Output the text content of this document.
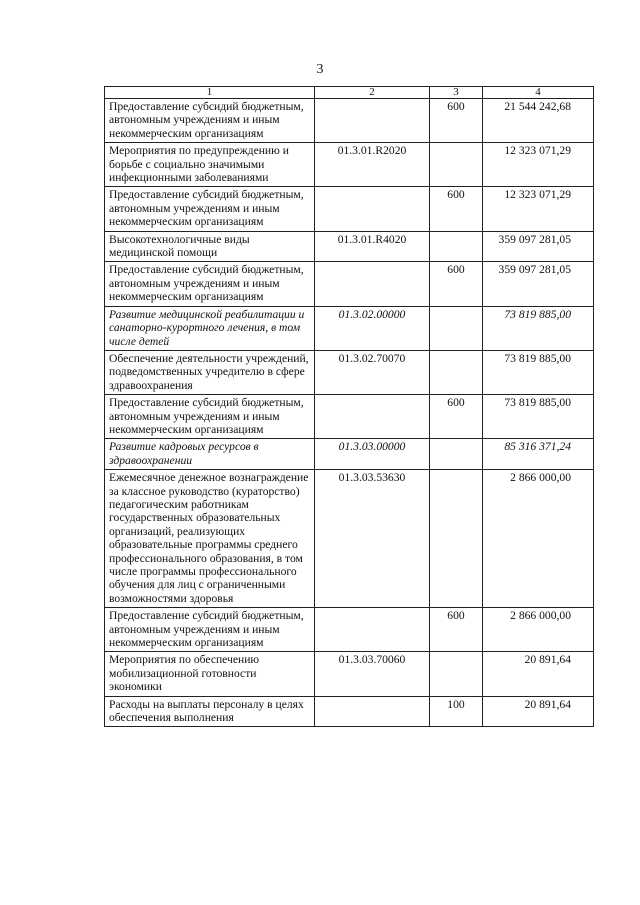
3
1	2	3	4
Предоставление субсидий бюджетным, автономным учреждениям и иным некоммерческим организациям		600	21 544 242,68
Мероприятия по предупреждению и борьбе с социально значимыми инфекционными заболеваниями	01.3.01.R2020		12 323 071,29
Предоставление субсидий бюджетным, автономным учреждениям и иным некоммерческим организациям		600	12 323 071,29
Высокотехнологичные виды медицинской помощи	01.3.01.R4020		359 097 281,05
Предоставление субсидий бюджетным, автономным учреждениям и иным некоммерческим организациям		600	359 097 281,05
Развитие медицинской реабилитации и санаторно-курортного лечения, в том числе детей	01.3.02.00000		73 819 885,00
Обеспечение деятельности учреждений, подведомственных учредителю в сфере здравоохранения	01.3.02.70070		73 819 885,00
Предоставление субсидий бюджетным, автономным учреждениям и иным некоммерческим организациям		600	73 819 885,00
Развитие кадровых ресурсов в здравоохранении	01.3.03.00000		85 316 371,24
Ежемесячное денежное вознаграждение за классное руководство (кураторство) педагогическим работникам государственных образовательных организаций, реализующих образовательные программы среднего профессионального образования, в том числе программы профессионального обучения для лиц с ограниченными возможностями здоровья	01.3.03.53630		2 866 000,00
Предоставление субсидий бюджетным, автономным учреждениям и иным некоммерческим организациям		600	2 866 000,00
Мероприятия по обеспечению мобилизационной готовности экономики	01.3.03.70060		20 891,64
Расходы на выплаты персоналу в целях обеспечения выполнения		100	20 891,64
